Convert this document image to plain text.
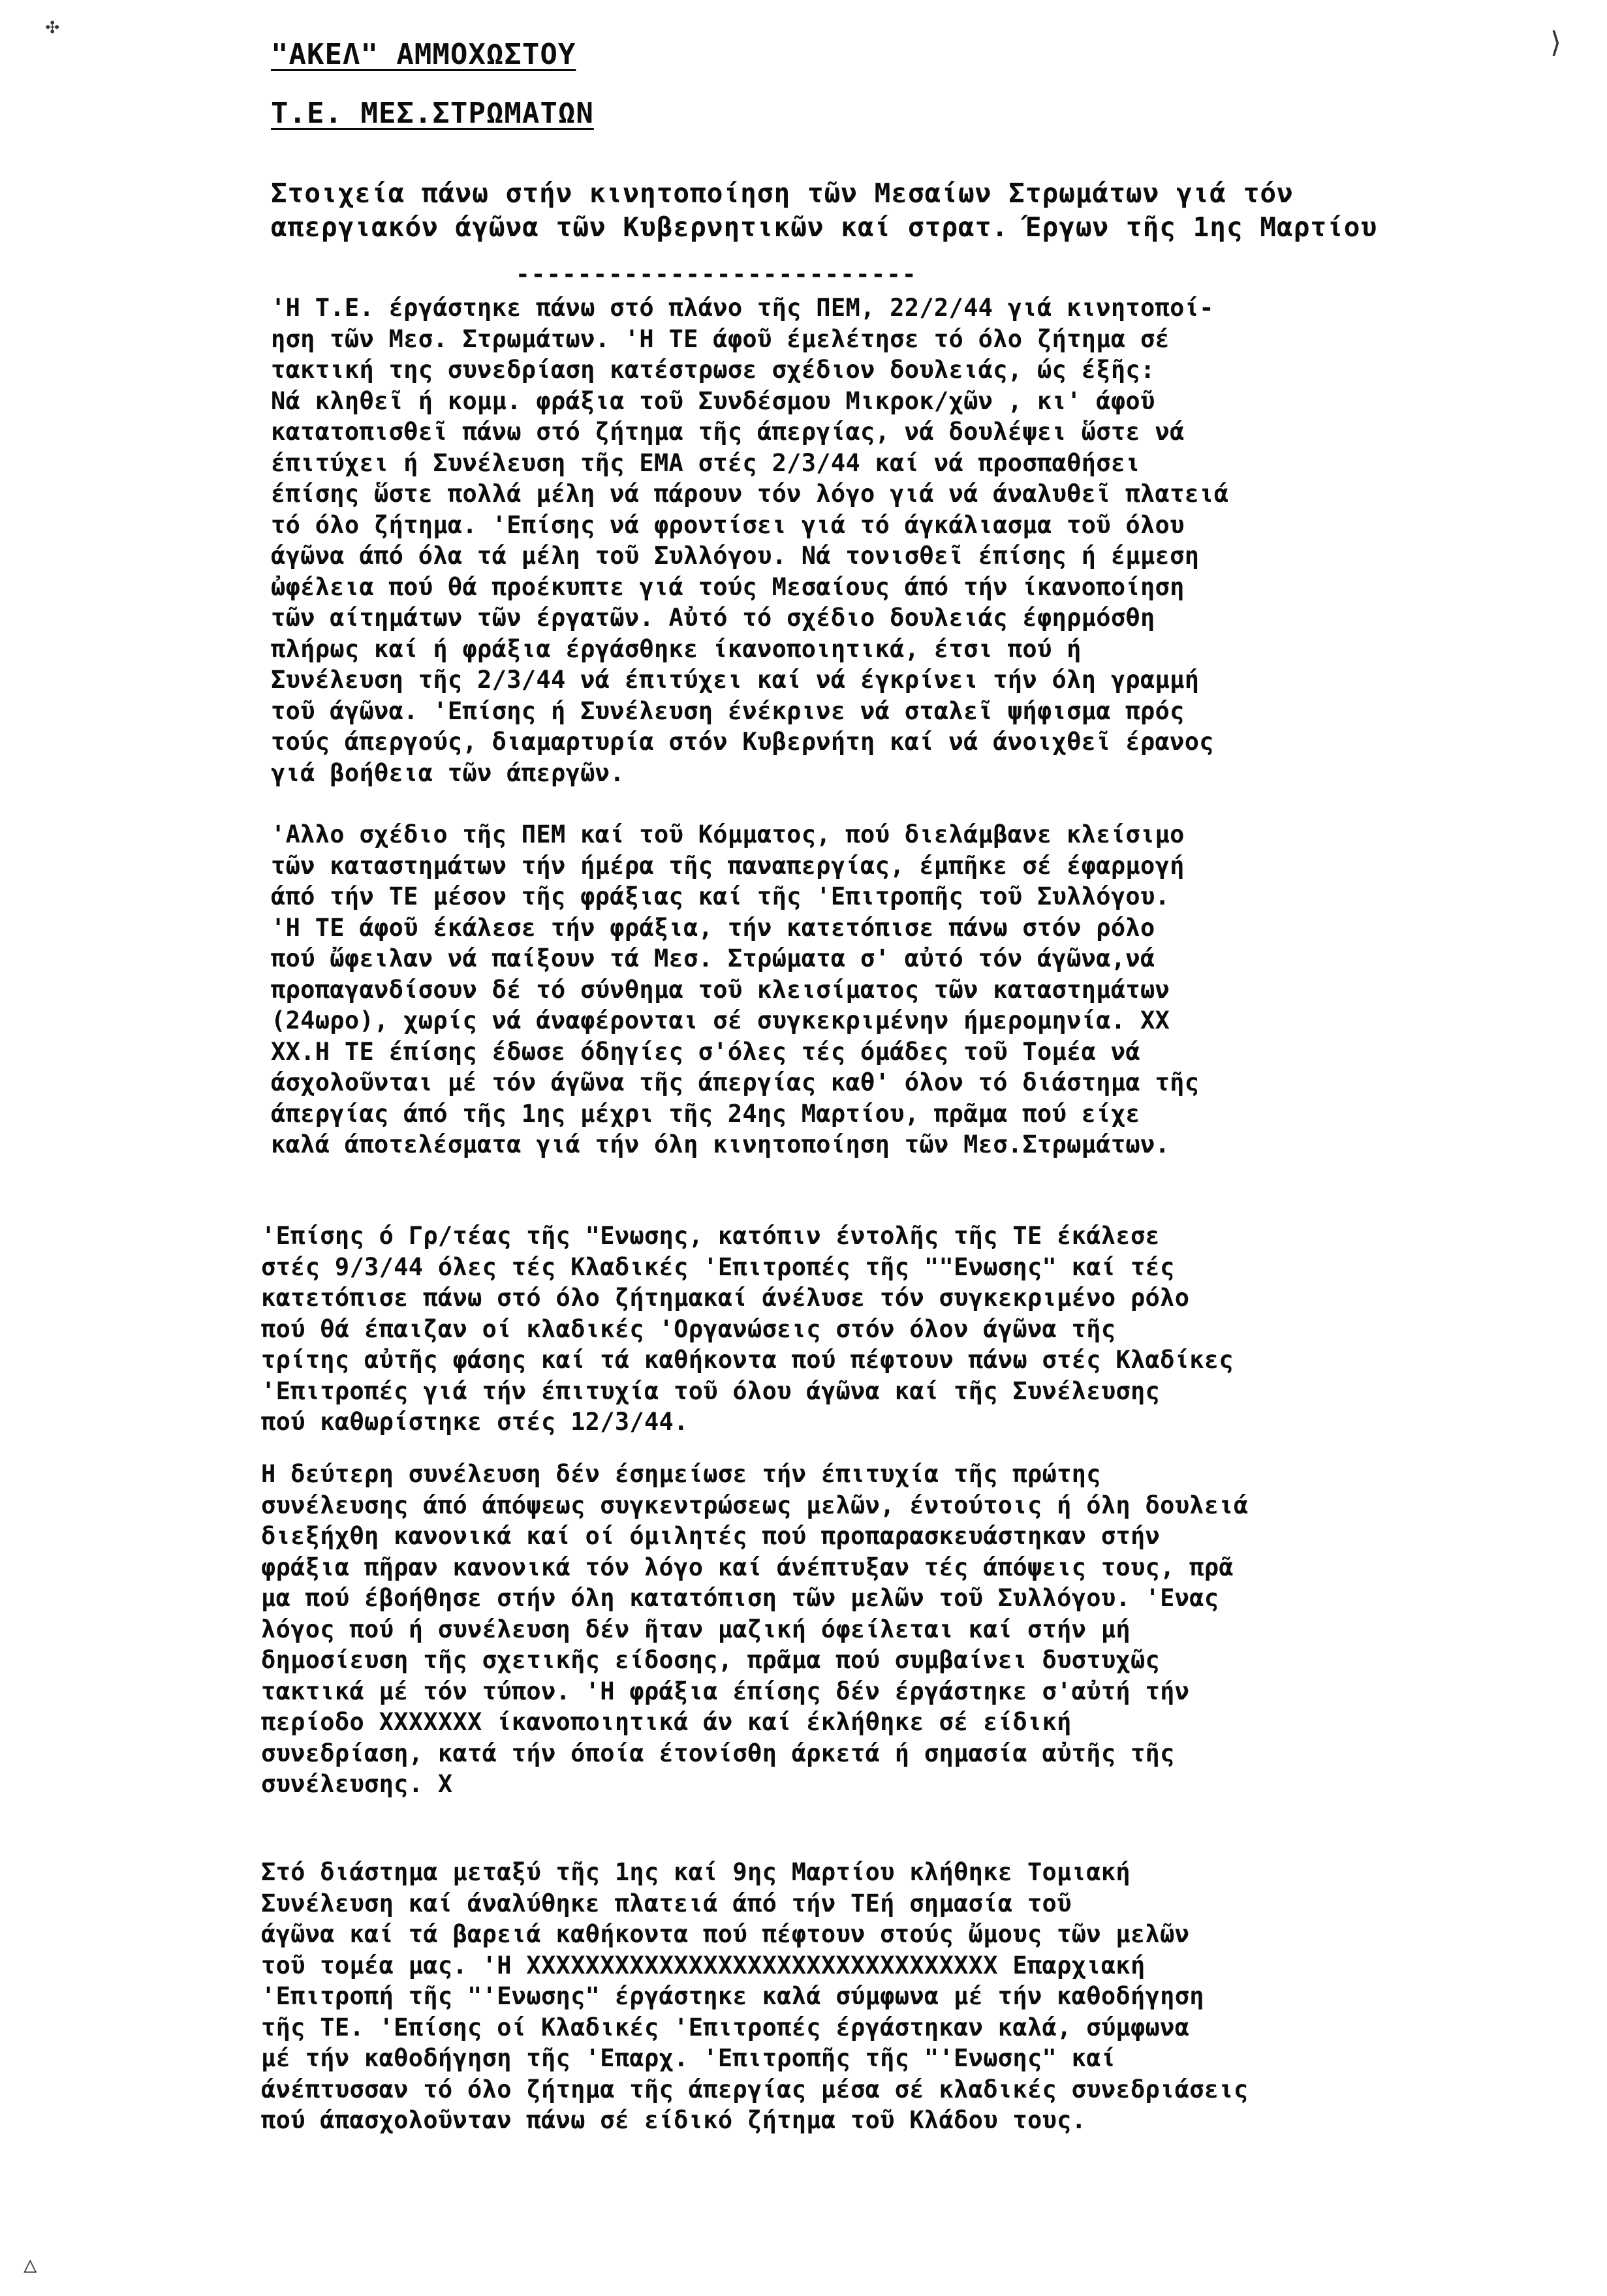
✣	⟩
△
"ΑΚΕΛ" ΑΜΜΟΧΩΣΤΟΥ
Τ.Ε. ΜΕΣ.ΣΤΡΩΜΑΤΩΝ
Στοιχεία πάνω στήν κινητοποίηση τῶν Μεσαίων Στρωμάτων γιά τόν
απεργιακόν άγῶνα τῶν Κυβερνητικῶν καί στρατ. Έργων τῆς 1ης Μαρτίου
--------------------------
'Η Τ.Ε. έργάστηκε πάνω στό πλάνο τῆς ΠΕΜ, 22/2/44 γιά κινητοποί-
ηση τῶν Μεσ. Στρωμάτων. 'Η ΤΕ άφοῦ έμελέτησε τό όλο ζήτημα σέ
τακτική της συνεδρίαση κατέστρωσε σχέδιον δουλειάς, ώς έξῆς:
Νά κληθεῖ ή κομμ. φράξια τοῦ Συνδέσμου Μικροκ/χῶν , κι' άφοῦ
κατατοπισθεῖ πάνω στό ζήτημα τῆς άπεργίας, νά δουλέψει ὥστε νά
έπιτύχει ή Συνέλευση τῆς ΕΜΑ στές 2/3/44 καί νά προσπαθήσει
έπίσης ὥστε πολλά μέλη νά πάρουν τόν λόγο γιά νά άναλυθεῖ πλατειά
τό όλο ζήτημα. 'Επίσης νά φροντίσει γιά τό άγκάλιασμα τοῦ όλου
άγῶνα άπό όλα τά μέλη τοῦ Συλλόγου. Νά τονισθεῖ έπίσης ή έμμεση
ὠφέλεια πού θά προέκυπτε γιά τούς Μεσαίους άπό τήν ίκανοποίηση
τῶν αίτημάτων τῶν έργατῶν. Αὐτό τό σχέδιο δουλειάς έφηρμόσθη
πλήρως καί ή φράξια έργάσθηκε ίκανοποιητικά, έτσι πού ή
Συνέλευση τῆς 2/3/44 νά έπιτύχει καί νά έγκρίνει τήν όλη γραμμή
τοῦ άγῶνα. 'Επίσης ή Συνέλευση ένέκρινε νά σταλεῖ ψήφισμα πρός
τούς άπεργούς, διαμαρτυρία στόν Κυβερνήτη καί νά άνοιχθεῖ έρανος
γιά βοήθεια τῶν άπεργῶν.
'Αλλο σχέδιο τῆς ΠΕΜ καί τοῦ Κόμματος, πού διελάμβανε κλείσιμο
τῶν καταστημάτων τήν ήμέρα τῆς παναπεργίας, έμπῆκε σέ έφαρμογή
άπό τήν ΤΕ μέσον τῆς φράξιας καί τῆς 'Επιτροπῆς τοῦ Συλλόγου.
'Η ΤΕ άφοῦ έκάλεσε τήν φράξια, τήν κατετόπισε πάνω στόν ρόλο
πού ὤφειλαν νά παίξουν τά Μεσ. Στρώματα σ' αὐτό τόν άγῶνα,νά
προπαγανδίσουν δέ τό σύνθημα τοῦ κλεισίματος τῶν καταστημάτων
(24ωρο), χωρίς νά άναφέρονται σέ συγκεκριμένην ήμερομηνία. ΧΧ
ΧΧ.Η ΤΕ έπίσης έδωσε όδηγίες σ'όλες τές όμάδες τοῦ Τομέα νά
άσχολοῦνται μέ τόν άγῶνα τῆς άπεργίας καθ' όλον τό διάστημα τῆς
άπεργίας άπό τῆς 1ης μέχρι τῆς 24ης Μαρτίου, πρᾶμα πού είχε
καλά άποτελέσματα γιά τήν όλη κινητοποίηση τῶν Μεσ.Στρωμάτων.
'Επίσης ό Γρ/τέας τῆς "Ενωσης, κατόπιν έντολῆς τῆς ΤΕ έκάλεσε
στές 9/3/44 όλες τές Κλαδικές 'Επιτροπές τῆς ""Ενωσης" καί τές
κατετόπισε πάνω στό όλο ζήτημακαί άνέλυσε τόν συγκεκριμένο ρόλο
πού θά έπαιζαν οί κλαδικές 'Οργανώσεις στόν όλον άγῶνα τῆς
τρίτης αὐτῆς φάσης καί τά καθήκοντα πού πέφτουν πάνω στές Κλαδίκες
'Επιτροπές γιά τήν έπιτυχία τοῦ όλου άγῶνα καί τῆς Συνέλευσης
πού καθωρίστηκε στές 12/3/44.
Η δεύτερη συνέλευση δέν έσημείωσε τήν έπιτυχία τῆς πρώτης
συνέλευσης άπό άπόψεως συγκεντρώσεως μελῶν, έντούτοις ή όλη δουλειά
διεξήχθη κανονικά καί οί όμιλητές πού προπαρασκευάστηκαν στήν
φράξια πῆραν κανονικά τόν λόγο καί άνέπτυξαν τές άπόψεις τους, πρᾶ
μα πού έβοήθησε στήν όλη κατατόπιση τῶν μελῶν τοῦ Συλλόγου. 'Ενας
λόγος πού ή συνέλευση δέν ῆταν μαζική όφείλεται καί στήν μή
δημοσίευση τῆς σχετικῆς είδοσης, πρᾶμα πού συμβαίνει δυστυχῶς
τακτικά μέ τόν τύπον. 'Η φράξια έπίσης δέν έργάστηκε σ'αὐτή τήν
περίοδο ΧΧΧΧΧΧΧ ίκανοποιητικά άν καί έκλήθηκε σέ είδική
συνεδρίαση, κατά τήν όποία έτονίσθη άρκετά ή σημασία αὐτῆς τῆς
συνέλευσης. Χ
Στό διάστημα μεταξύ τῆς 1ης καί 9ης Μαρτίου κλήθηκε Τομιακή
Συνέλευση καί άναλύθηκε πλατειά άπό τήν ΤΕή σημασία τοῦ
άγῶνα καί τά βαρειά καθήκοντα πού πέφτουν στούς ὤμους τῶν μελῶν
τοῦ τομέα μας. 'Η ΧΧΧΧΧΧΧΧΧΧΧΧΧΧΧΧΧΧΧΧΧΧΧΧΧΧΧΧΧΧΧΧ Επαρχιακή
'Επιτροπή τῆς "'Ενωσης" έργάστηκε καλά σύμφωνα μέ τήν καθοδήγηση
τῆς ΤΕ. 'Επίσης οί Κλαδικές 'Επιτροπές έργάστηκαν καλά, σύμφωνα
μέ τήν καθοδήγηση τῆς 'Επαρχ. 'Επιτροπῆς τῆς "'Ενωσης" καί
άνέπτυσσαν τό όλο ζήτημα τῆς άπεργίας μέσα σέ κλαδικές συνεδριάσεις
πού άπασχολοῦνταν πάνω σέ είδικό ζήτημα τοῦ Κλάδου τους.
